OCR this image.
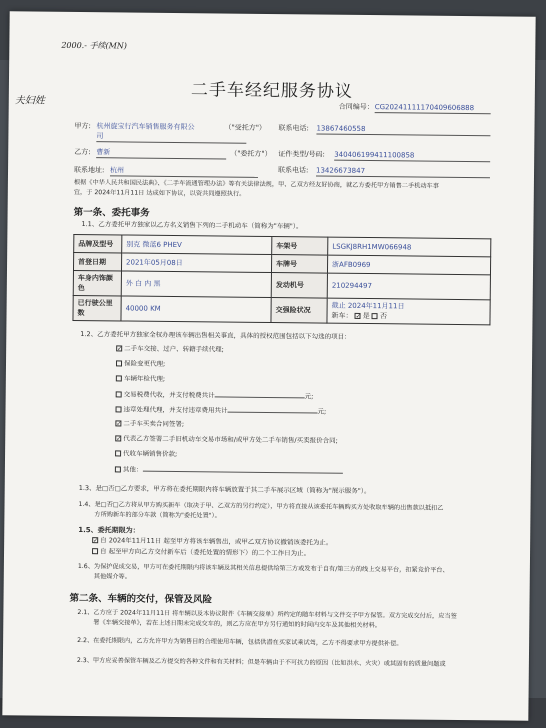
2000.- 手续(MN)
夫妇姓	二手车经纪服务协议
合同编号： CG20241111170409606888
甲方: 杭州旋宝行汽车销售服务有限公
司
（"受托方"） 联系电话: 13867460558
乙方: 曹新	（"委托方"） 证件类型/号码: 340406199411100858
联系地址: 杭州	联系电话: 13426673847
根据《中华人民共和国民法典》、《二手车流通管理办法》等有关法律法规，甲、乙双方经友好协商，就乙方委托甲方销售二手机动车事
宜，于 2024年11月11日 达成如下协议，以资共同遵照执行。
第一条、委托事务
1.1、乙方委托甲方独家以乙方名义销售下列的二手机动车（简称为"车辆"）。
品牌及型号	别克 微蓝6 PHEV	车架号	LSGKJ8RH1MW066948
首登日期	2021年05月08日	车牌号	浙AFB0969
车身内饰颜色	外 白 内 黑	发动机号	210294497
已行驶公里数	40000 KM	交强险状况	截止 2024年11月11日
新车： ✓ 是 否
1.2、乙方委托甲方独家全权办理该车辆出售相关事直，具体的授权范围包括以下勾选的项目：
✓ 二手车交接、过户、转籍手续代理;
保险变更代理;
车辆年检代理;
交易税费代收，并支付税费共计	元;
违章处理代理，并支付违章费用共计	元;
✓ 二手车买卖合同签署;
✓ 代表乙方签署二手旧机动车交易市场和/或甲方处二手车销售/买卖报价合同;
代收车辆销售价款;
其他：
1.3、是□否□乙方要求，甲方将在委托期限内将车辆放置于其二手车展示区域（简称为"展示服务"）。
1.4、是□否□乙方将从甲方购买新车（取决于甲、乙双方的另行约定），甲方将直接从该委托车辆购买方处收取车辆的出售款以抵扣乙
方所购新车的部分车款（简称为"委托处置"）。
1.5、委托期限为：
✓ 自 2024年11月11日 起至甲方将该车辆售出，或甲乙双方协议撤销该委托为止。
自 起至甲方向乙方交付新车后（委托处置的情形下）的二个工作日为止。
1.6、为保护促成交易，甲方可在委托期限内将该车辆及其相关信息提供给第三方或发布于自有/第三方的线上交易平台，扣紧竞价平台、
其他媒介等。
第二条、车辆的交付，保管及风险
2.1、乙方应于 2024年11月11日 将车辆以及本协议附件《车辆交接单》所约定的随车材料与文件交予甲方保管。双方完成交付后，应当签
署《车辆交接单》，若在上述日期未完成交车的，则乙方应在甲方另行通知的时间内交车及其他相关材料。
2.2、在委托期限内，乙方允许甲方为销售目的合理使用车辆，包括供潜在买家试乘试驾，乙方不得要求甲方提供补偿。
2.3、甲方应妥善保管车辆及乙方提交的各种文件和有关材料；但是车辆由于不可抗力的原因（比如洪水、火灾）或其固有的质量问题或
